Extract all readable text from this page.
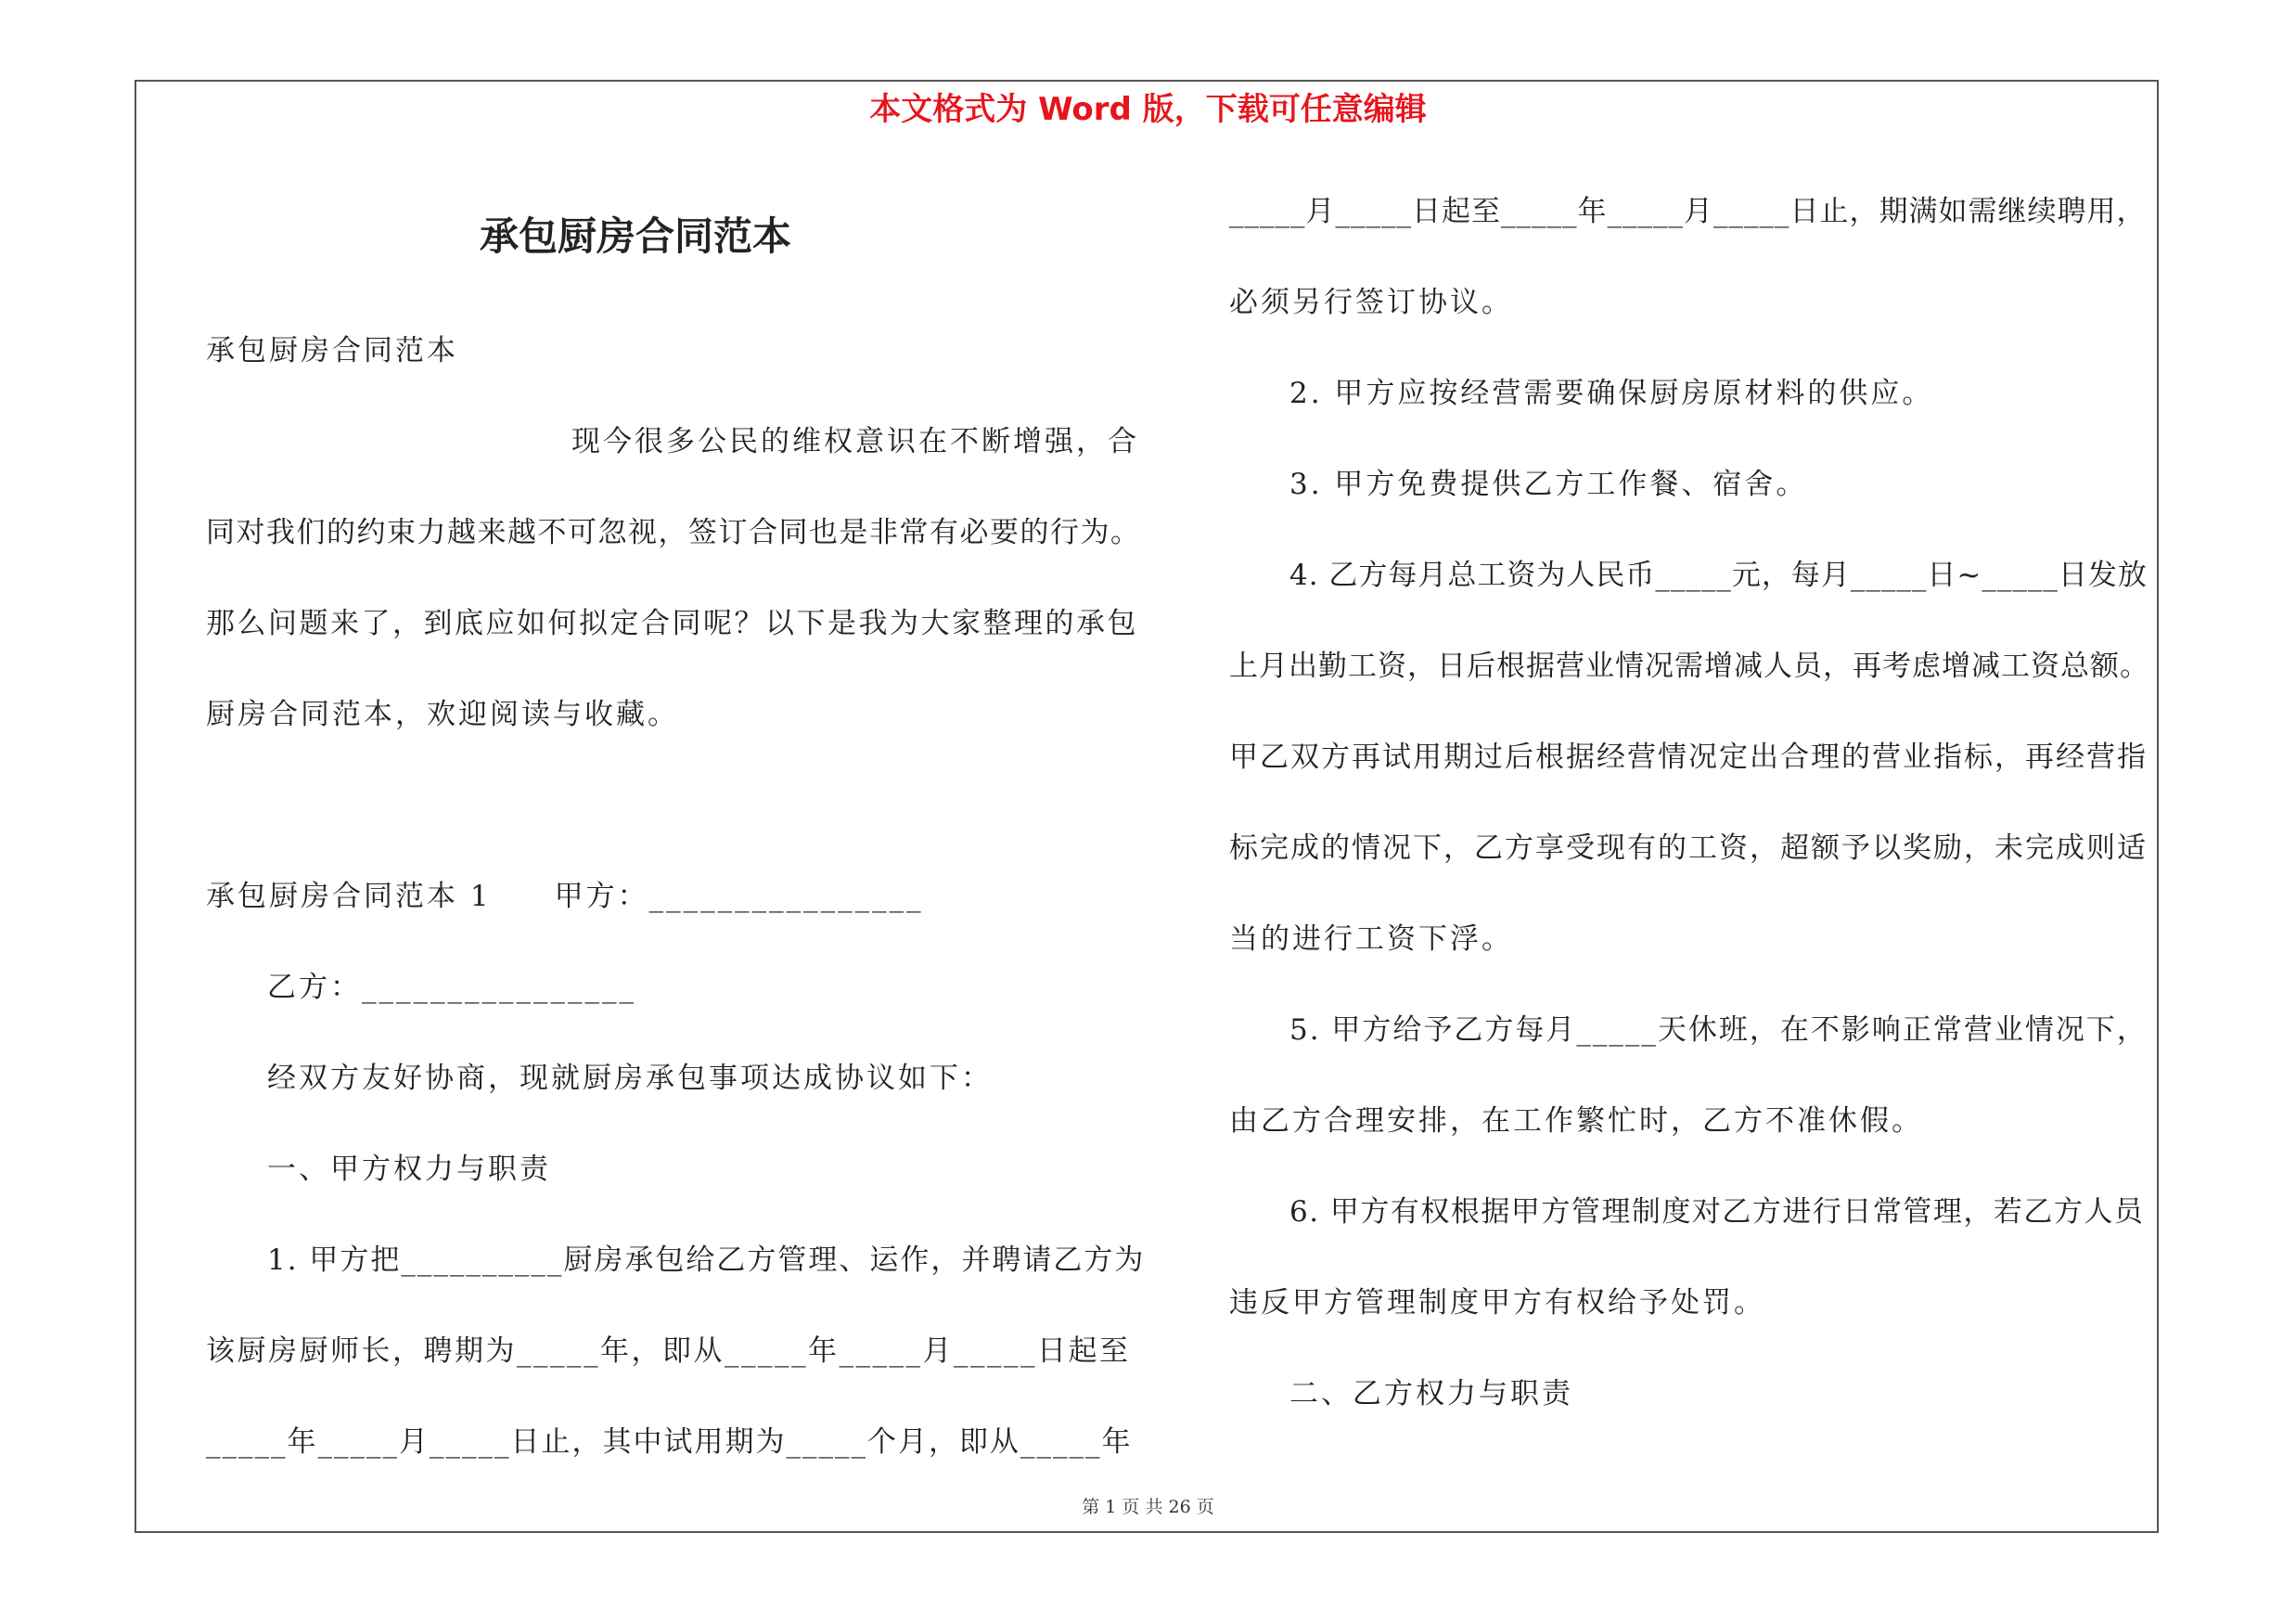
本文格式为 Word 版，下载可任意编辑
承包厨房合同范本
承包厨房合同范本
现今很多公民的维权意识在不断增强，合
同对我们的约束力越来越不可忽视，签订合同也是非常有必要的行为。
那么问题来了，到底应如何拟定合同呢？以下是我为大家整理的承包
厨房合同范本，欢迎阅读与收藏。
承包厨房合同范本 1　　甲方：________________
乙方：________________
经双方友好协商，现就厨房承包事项达成协议如下：
一、甲方权力与职责
1. 甲方把__________厨房承包给乙方管理、运作，并聘请乙方为
该厨房厨师长，聘期为_____年，即从_____年_____月_____日起至
_____年_____月_____日止，其中试用期为_____个月，即从_____年
_____月_____日起至_____年_____月_____日止，期满如需继续聘用，
必须另行签订协议。
2. 甲方应按经营需要确保厨房原材料的供应。
3. 甲方免费提供乙方工作餐、宿舍。
4. 乙方每月总工资为人民币_____元，每月_____日~_____日发放
上月出勤工资，日后根据营业情况需增减人员，再考虑增减工资总额。
甲乙双方再试用期过后根据经营情况定出合理的营业指标，再经营指
标完成的情况下，乙方享受现有的工资，超额予以奖励，未完成则适
当的进行工资下浮。
5. 甲方给予乙方每月_____天休班，在不影响正常营业情况下，
由乙方合理安排，在工作繁忙时，乙方不准休假。
6. 甲方有权根据甲方管理制度对乙方进行日常管理，若乙方人员
违反甲方管理制度甲方有权给予处罚。
二、乙方权力与职责
第 1 页 共 26 页
